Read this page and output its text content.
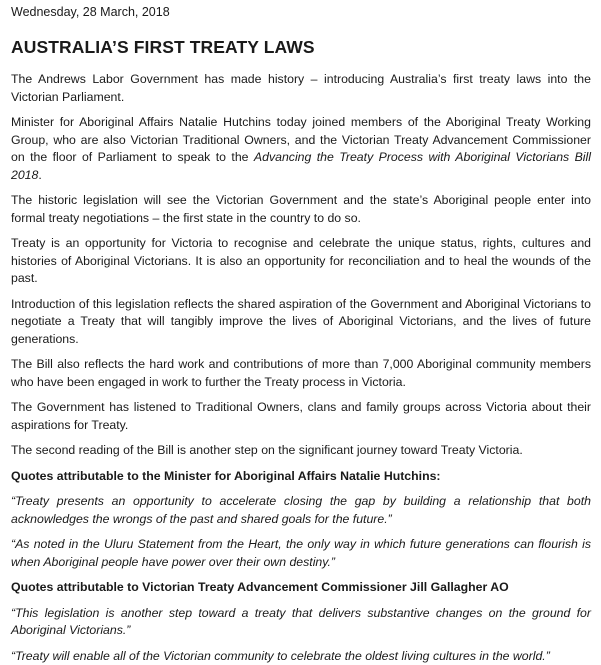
Wednesday, 28 March, 2018

AUSTRALIA’S FIRST TREATY LAWS

The Andrews Labor Government has made history – introducing Australia’s first treaty laws into the Victorian Parliament.

Minister for Aboriginal Affairs Natalie Hutchins today joined members of the Aboriginal Treaty Working Group, who are also Victorian Traditional Owners, and the Victorian Treaty Advancement Commissioner on the floor of Parliament to speak to the Advancing the Treaty Process with Aboriginal Victorians Bill 2018.

The historic legislation will see the Victorian Government and the state’s Aboriginal people enter into formal treaty negotiations – the first state in the country to do so.

Treaty is an opportunity for Victoria to recognise and celebrate the unique status, rights, cultures and histories of Aboriginal Victorians. It is also an opportunity for reconciliation and to heal the wounds of the past.

Introduction of this legislation reflects the shared aspiration of the Government and Aboriginal Victorians to negotiate a Treaty that will tangibly improve the lives of Aboriginal Victorians, and the lives of future generations.

The Bill also reflects the hard work and contributions of more than 7,000 Aboriginal community members who have been engaged in work to further the Treaty process in Victoria.

The Government has listened to Traditional Owners, clans and family groups across Victoria about their aspirations for Treaty.

The second reading of the Bill is another step on the significant journey toward Treaty Victoria.

Quotes attributable to the Minister for Aboriginal Affairs Natalie Hutchins:

“Treaty presents an opportunity to accelerate closing the gap by building a relationship that both acknowledges the wrongs of the past and shared goals for the future.”

“As noted in the Uluru Statement from the Heart, the only way in which future generations can flourish is when Aboriginal people have power over their own destiny.”

Quotes attributable to Victorian Treaty Advancement Commissioner Jill Gallagher AO

“This legislation is another step toward a treaty that delivers substantive changes on the ground for Aboriginal Victorians.”

“Treaty will enable all of the Victorian community to celebrate the oldest living cultures in the world.”
